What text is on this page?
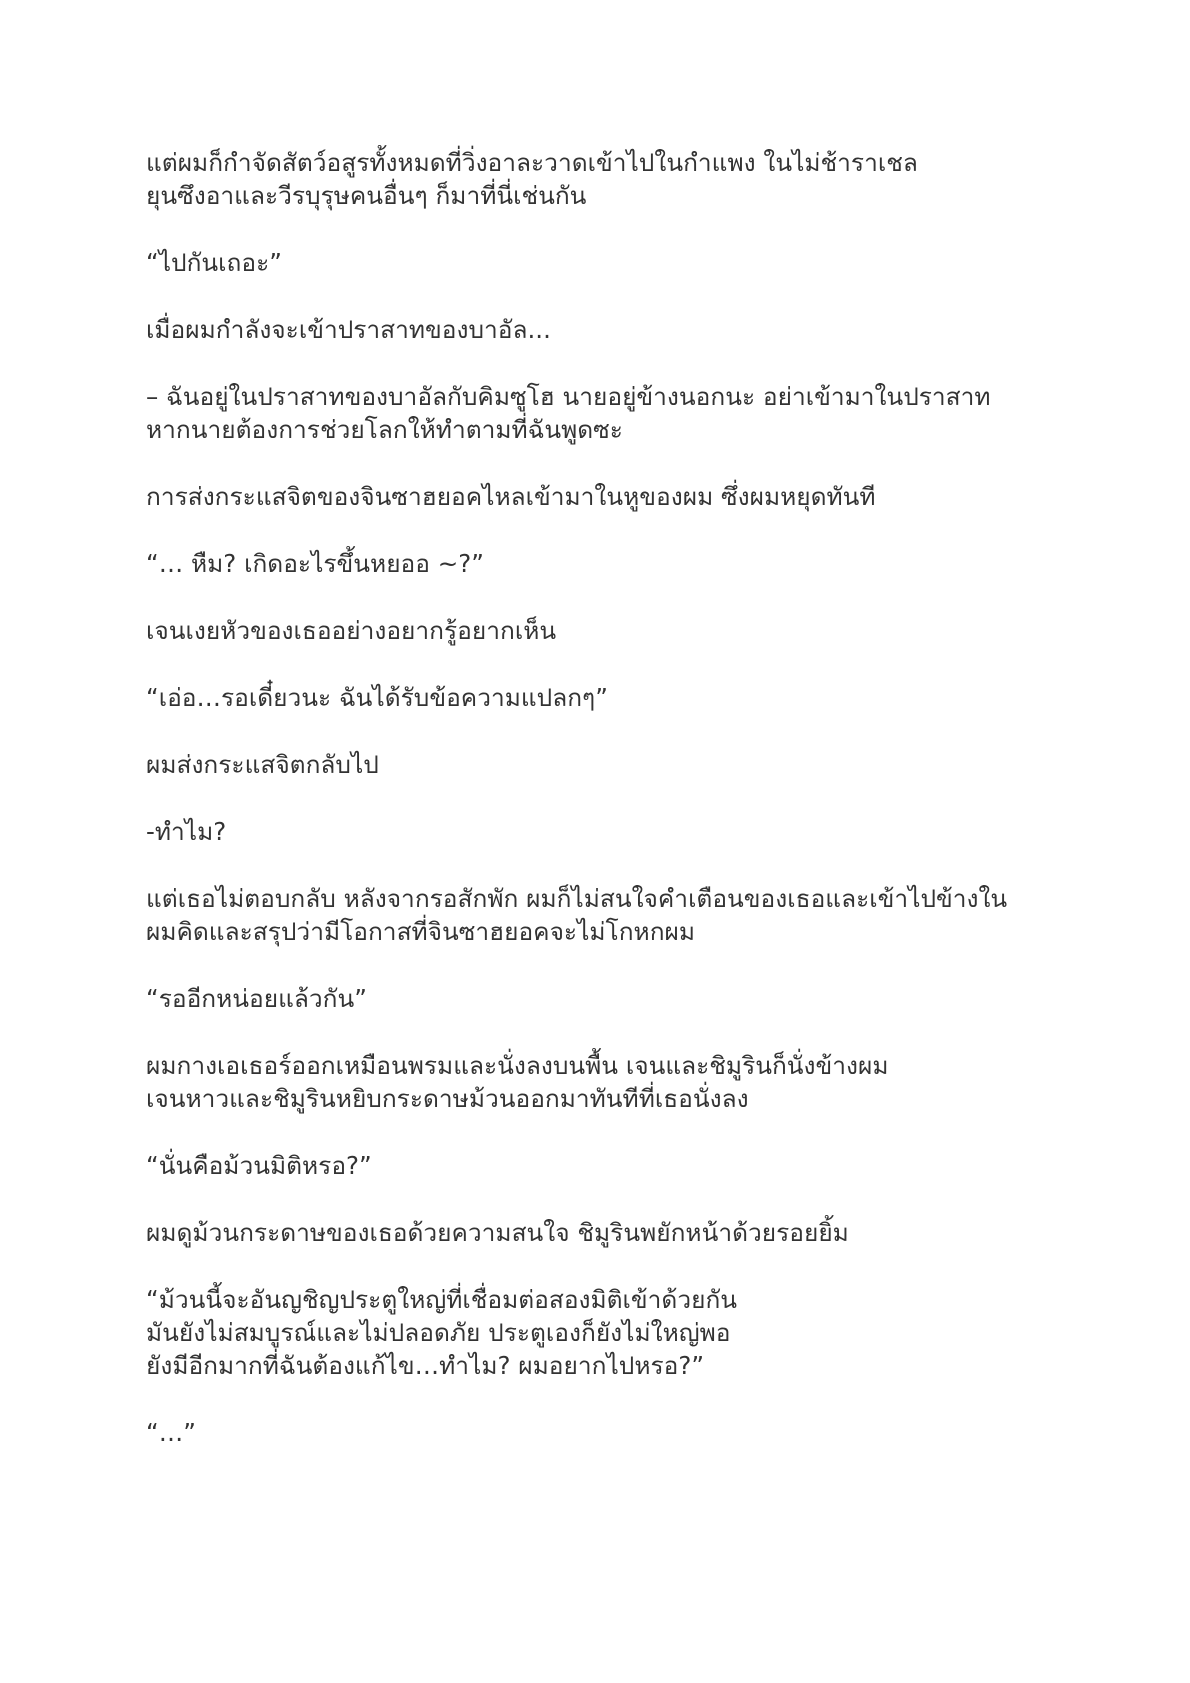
แต่ผมก็กำจัดสัตว์อสูรทั้งหมดที่วิ่งอาละวาดเข้าไปในกำแพง ในไม่ช้าราเชล
ยุนซึงอาและวีรบุรุษคนอื่นๆ ก็มาที่นี่เช่นกัน

“ไปกันเถอะ”

เมื่อผมกำลังจะเข้าปราสาทของบาอัล...

– ฉันอยู่ในปราสาทของบาอัลกับคิมซูโฮ นายอยู่ข้างนอกนะ อย่าเข้ามาในปราสาท
หากนายต้องการช่วยโลกให้ทำตามที่ฉันพูดซะ

การส่งกระแสจิตของจินซาฮยอคไหลเข้ามาในหูของผม ซึ่งผมหยุดทันที

“… หืม? เกิดอะไรขึ้นหยออ ~?”

เจนเงยหัวของเธออย่างอยากรู้อยากเห็น

“เอ่อ…รอเดี๋ยวนะ ฉันได้รับข้อความแปลกๆ”

ผมส่งกระแสจิตกลับไป

-ทำไม?

แต่เธอไม่ตอบกลับ หลังจากรอสักพัก ผมก็ไม่สนใจคำเตือนของเธอและเข้าไปข้างใน
ผมคิดและสรุปว่ามีโอกาสที่จินซาฮยอคจะไม่โกหกผม

“รออีกหน่อยแล้วกัน”

ผมกางเอเธอร์ออกเหมือนพรมและนั่งลงบนพื้น เจนและชิมูรินก็นั่งข้างผม
เจนหาวและชิมูรินหยิบกระดาษม้วนออกมาทันทีที่เธอนั่งลง

“นั่นคือม้วนมิติหรอ?”

ผมดูม้วนกระดาษของเธอด้วยความสนใจ ชิมูรินพยักหน้าด้วยรอยยิ้ม

“ม้วนนี้จะอันญชิญประตูใหญ่ที่เชื่อมต่อสองมิติเข้าด้วยกัน
มันยังไม่สมบูรณ์และไม่ปลอดภัย ประตูเองก็ยังไม่ใหญ่พอ
ยังมีอีกมากที่ฉันต้องแก้ไข…ทำไม? ผมอยากไปหรอ?”

“…”
